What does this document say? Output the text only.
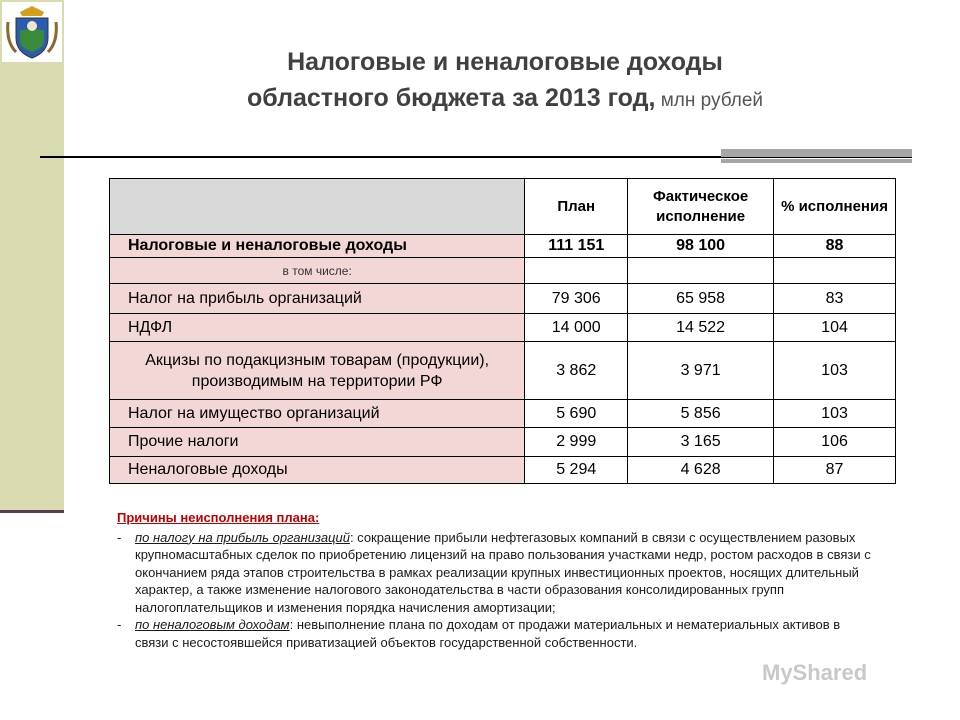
Налоговые и неналоговые доходы
областного бюджета за 2013 год, млн рублей
	План	Фактическое исполнение	% исполнения
Налоговые и неналоговые доходы	111 151	98 100	88
в том числе:			
Налог на прибыль организаций	79 306	65 958	83
НДФЛ	14 000	14 522	104
Акцизы по подакцизным товарам (продукции), производимым на территории РФ	3 862	3 971	103
Налог на имущество организаций	5 690	5 856	103
Прочие налоги	2 999	3 165	106
Неналоговые доходы	5 294	4 628	87
Причины неисполнения плана:
- по налогу на прибыль организаций: сокращение прибыли нефтегазовых компаний в связи с осуществлением разовых крупномасштабных сделок по приобретению лицензий на право пользования участками недр, ростом расходов в связи с окончанием ряда этапов строительства в рамках реализации крупных инвестиционных проектов, носящих длительный характер, а также изменение налогового законодательства в части образования консолидированных групп налогоплательщиков и изменения порядка начисления амортизации;
- по неналоговым доходам: невыполнение плана по доходам от продажи материальных и нематериальных активов в связи с несостоявшейся приватизацией объектов государственной собственности.
MyShared
